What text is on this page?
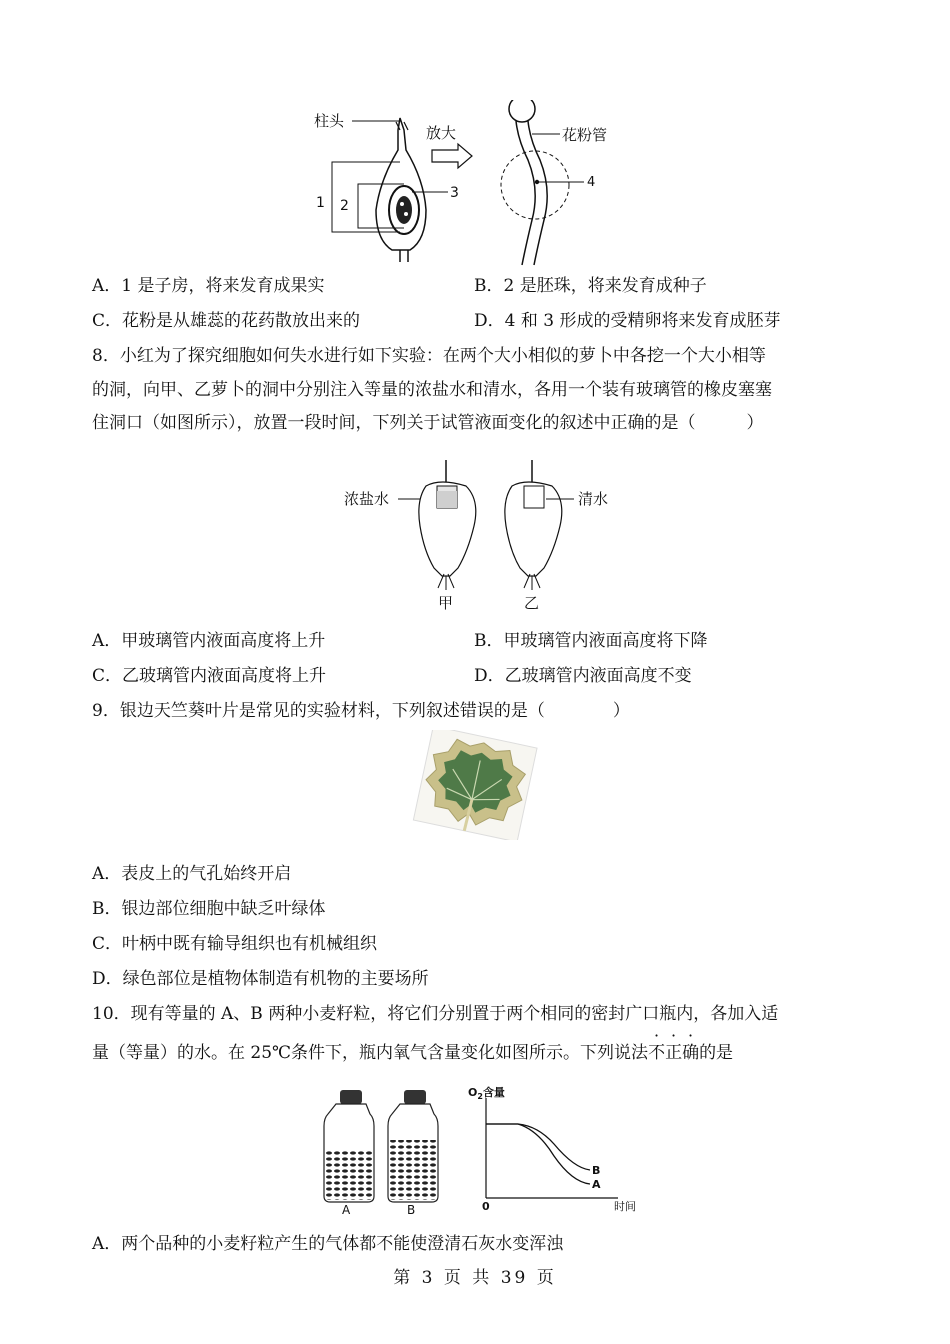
柱头
1 2
3
放大
4
花粉管
A．1 是子房，将来发育成果实	B．2 是胚珠，将来发育成种子
C．花粉是从雄蕊的花药散放出来的	D．4 和 3 形成的受精卵将来发育成胚芽
8．小红为了探究细胞如何失水进行如下实验：在两个大小相似的萝卜中各挖一个大小相等
的洞，向甲、乙萝卜的洞中分别注入等量的浓盐水和清水，各用一个装有玻璃管的橡皮塞塞
住洞口（如图所示），放置一段时间，下列关于试管液面变化的叙述中正确的是（　　　）
浓盐水
甲	乙
清水
A．甲玻璃管内液面高度将上升	B．甲玻璃管内液面高度将下降
C．乙玻璃管内液面高度将上升	D．乙玻璃管内液面高度不变
9．银边天竺葵叶片是常见的实验材料，下列叙述错误的是（　　　　）
A．表皮上的气孔始终开启
B．银边部位细胞中缺乏叶绿体
C．叶柄中既有输导组织也有机械组织
D．绿色部位是植物体制造有机物的主要场所
10．现有等量的 A、B 两种小麦籽粒，将它们分别置于两个相同的密封广口瓶内，各加入适
量（等量）的水。在 25℃条件下，瓶内氧气含量变化如图所示。下列说法不正确的是
A	B
$O_2$含量
时间
0
B
A
A．两个品种的小麦籽粒产生的气体都不能使澄清石灰水变浑浊
第 3 页 共 39 页
